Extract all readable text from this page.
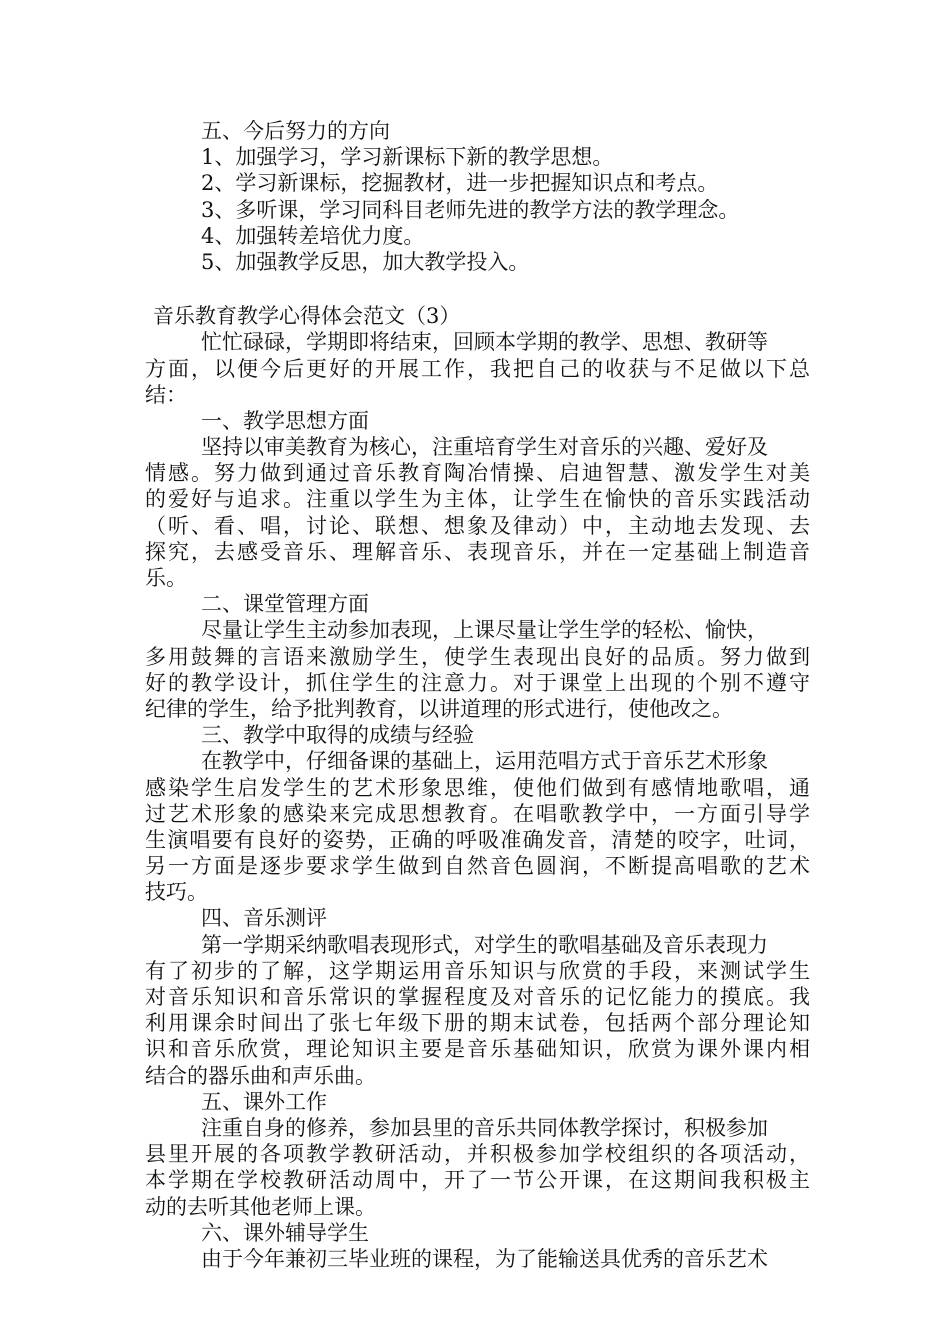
五、今后努力的方向
1、加强学习，学习新课标下新的教学思想。
2、学习新课标，挖掘教材，进一步把握知识点和考点。
3、多听课，学习同科目老师先进的教学方法的教学理念。
4、加强转差培优力度。
5、加强教学反思，加大教学投入。
音乐教育教学心得体会范文（3）
忙忙碌碌，学期即将结束，回顾本学期的教学、思想、教研等
方面，以便今后更好的开展工作，我把自己的收获与不足做以下总
结：
一、教学思想方面
坚持以审美教育为核心，注重培育学生对音乐的兴趣、爱好及
情感。努力做到通过音乐教育陶冶情操、启迪智慧、激发学生对美
的爱好与追求。注重以学生为主体，让学生在愉快的音乐实践活动
（听、看、唱，讨论、联想、想象及律动）中，主动地去发现、去
探究，去感受音乐、理解音乐、表现音乐，并在一定基础上制造音
乐。
二、课堂管理方面
尽量让学生主动参加表现，上课尽量让学生学的轻松、愉快，
多用鼓舞的言语来激励学生，使学生表现出良好的品质。努力做到
好的教学设计，抓住学生的注意力。对于课堂上出现的个别不遵守
纪律的学生，给予批判教育，以讲道理的形式进行，使他改之。
三、教学中取得的成绩与经验
在教学中，仔细备课的基础上，运用范唱方式于音乐艺术形象
感染学生启发学生的艺术形象思维，使他们做到有感情地歌唱，通
过艺术形象的感染来完成思想教育。在唱歌教学中，一方面引导学
生演唱要有良好的姿势，正确的呼吸准确发音，清楚的咬字，吐词，
另一方面是逐步要求学生做到自然音色圆润，不断提高唱歌的艺术
技巧。
四、音乐测评
第一学期采纳歌唱表现形式，对学生的歌唱基础及音乐表现力
有了初步的了解，这学期运用音乐知识与欣赏的手段，来测试学生
对音乐知识和音乐常识的掌握程度及对音乐的记忆能力的摸底。我
利用课余时间出了张七年级下册的期末试卷，包括两个部分理论知
识和音乐欣赏，理论知识主要是音乐基础知识，欣赏为课外课内相
结合的器乐曲和声乐曲。
五、课外工作
注重自身的修养，参加县里的音乐共同体教学探讨，积极参加
县里开展的各项教学教研活动，并积极参加学校组织的各项活动，
本学期在学校教研活动周中，开了一节公开课，在这期间我积极主
动的去听其他老师上课。
六、课外辅导学生
由于今年兼初三毕业班的课程，为了能输送具优秀的音乐艺术
